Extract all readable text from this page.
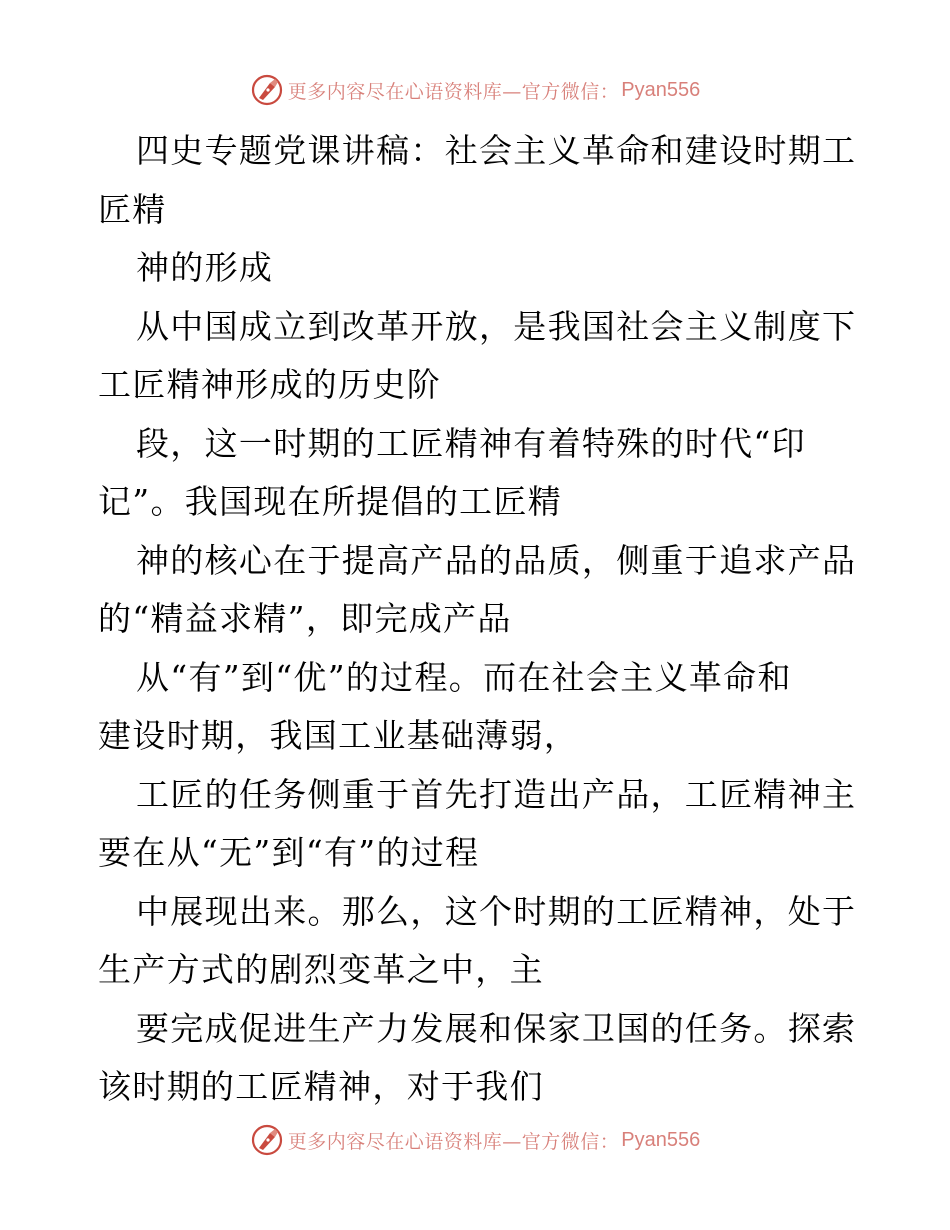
更多内容尽在心语资料库—官方微信： Pyan556
四史专题党课讲稿：社会主义革命和建设时期工
匠精
神的形成
从中国成立到改革开放，是我国社会主义制度下
工匠精神形成的历史阶
段，这一时期的工匠精神有着特殊的时代“印
记”。我国现在所提倡的工匠精
神的核心在于提高产品的品质，侧重于追求产品
的“精益求精”，即完成产品
从“有”到“优”的过程。而在社会主义革命和
建设时期，我国工业基础薄弱，
工匠的任务侧重于首先打造出产品，工匠精神主
要在从“无”到“有”的过程
中展现出来。那么，这个时期的工匠精神，处于
生产方式的剧烈变革之中，主
要完成促进生产力发展和保家卫国的任务。探索
该时期的工匠精神，对于我们
更多内容尽在心语资料库—官方微信： Pyan556
